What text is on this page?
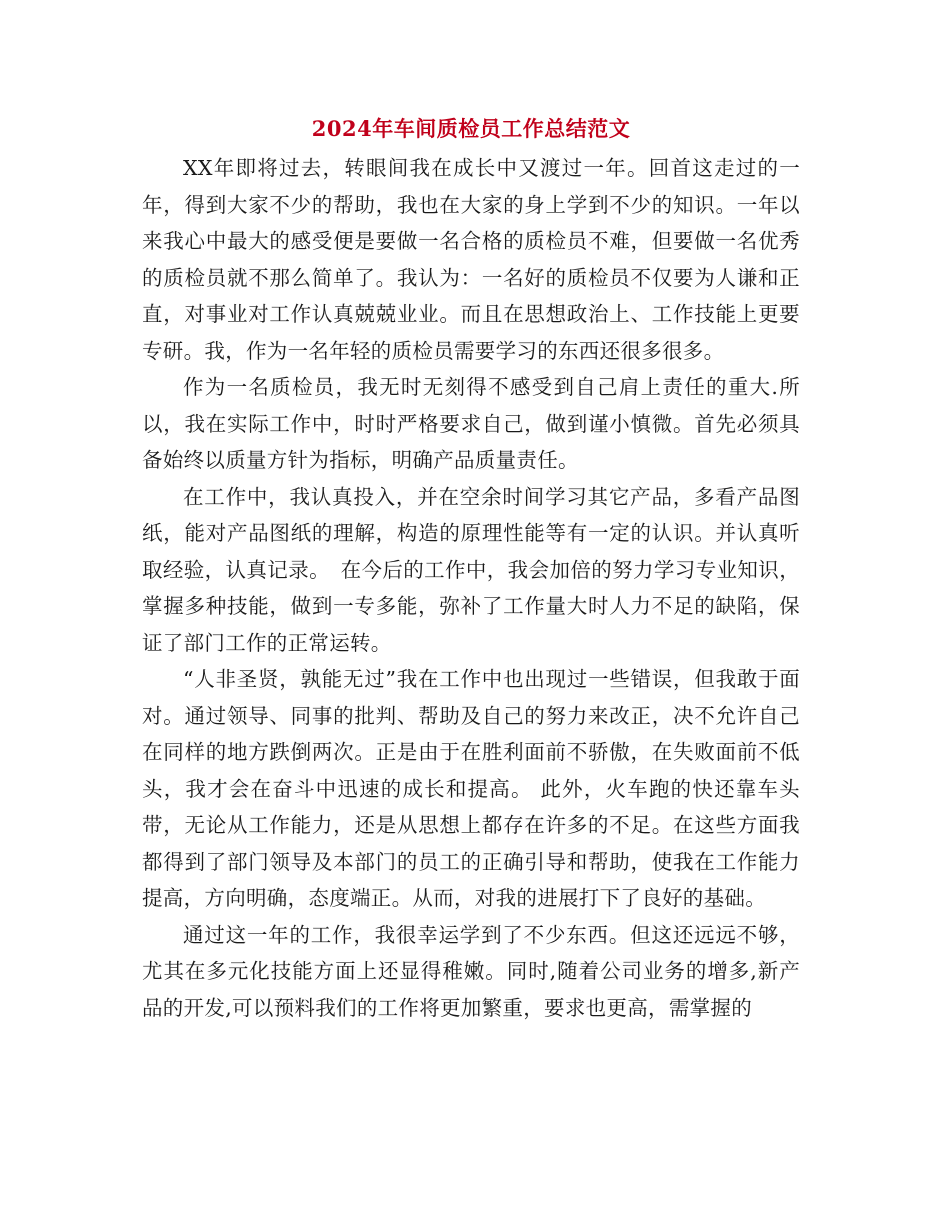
2024年车间质检员工作总结范文

XX年即将过去，转眼间我在成长中又渡过一年。回首这走过的一年，得到大家不少的帮助，我也在大家的身上学到不少的知识。一年以来我心中最大的感受便是要做一名合格的质检员不难，但要做一名优秀的质检员就不那么简单了。我认为：一名好的质检员不仅要为人谦和正直，对事业对工作认真兢兢业业。而且在思想政治上、工作技能上更要专研。我，作为一名年轻的质检员需要学习的东西还很多很多。

作为一名质检员，我无时无刻得不感受到自己肩上责任的重大.所以，我在实际工作中，时时严格要求自己，做到谨小慎微。首先必须具备始终以质量方针为指标，明确产品质量责任。

在工作中，我认真投入，并在空余时间学习其它产品，多看产品图纸，能对产品图纸的理解，构造的原理性能等有一定的认识。并认真听取经验，认真记录。　在今后的工作中，我会加倍的努力学习专业知识，掌握多种技能，做到一专多能，弥补了工作量大时人力不足的缺陷，保证了部门工作的正常运转。

“人非圣贤，孰能无过”我在工作中也出现过一些错误，但我敢于面对。通过领导、同事的批判、帮助及自己的努力来改正，决不允许自己在同样的地方跌倒两次。正是由于在胜利面前不骄傲，在失败面前不低头，我才会在奋斗中迅速的成长和提高。 此外，火车跑的快还靠车头带，无论从工作能力，还是从思想上都存在许多的不足。在这些方面我都得到了部门领导及本部门的员工的正确引导和帮助，使我在工作能力提高，方向明确，态度端正。从而，对我的进展打下了良好的基础。

通过这一年的工作，我很幸运学到了不少东西。但这还远远不够，尤其在多元化技能方面上还显得稚嫩。同时,随着公司业务的增多,新产品的开发,可以预料我们的工作将更加繁重，要求也更高，需掌握的
